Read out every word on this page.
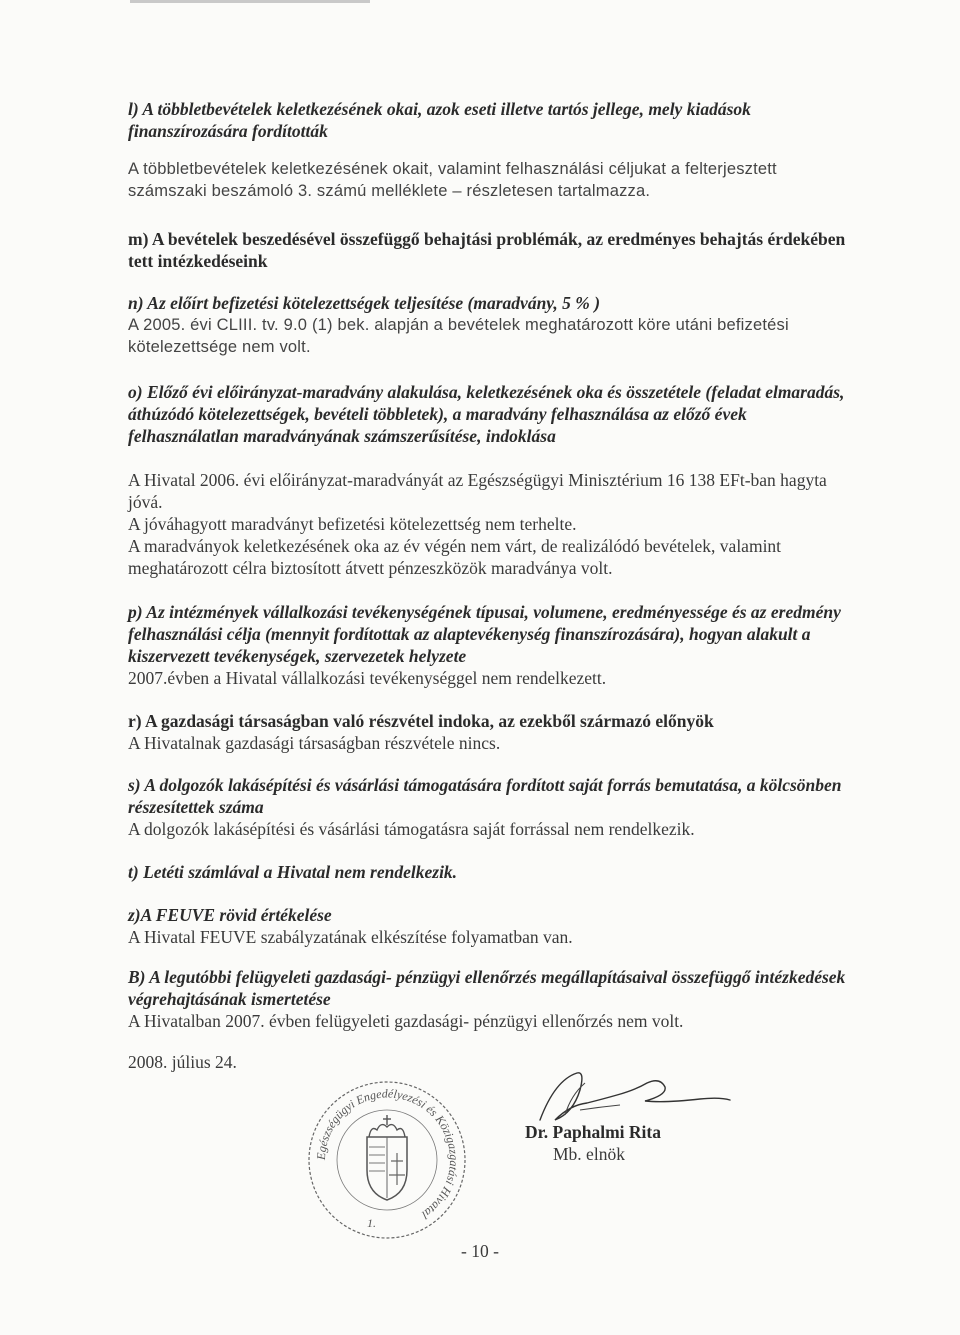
l) A többletbevételek keletkezésének okai, azok eseti illetve tartós jellege, mely kiadások finanszírozására fordították
A többletbevételek keletkezésének okait, valamint felhasználási céljukat a felterjesztett számszaki beszámoló 3. számú melléklete – részletesen tartalmazza.
m) A bevételek beszedésével összefüggő behajtási problémák, az eredményes behajtás érdekében tett intézkedéseink
n) Az előírt befizetési kötelezettségek teljesítése (maradvány, 5 % )
A 2005. évi CLIII. tv. 9.0 (1) bek. alapján a bevételek meghatározott köre utáni befizetési kötelezettsége nem volt.
o) Előző évi előirányzat-maradvány alakulása, keletkezésének oka és összetétele (feladat elmaradás, áthúzódó kötelezettségek, bevételi többletek), a maradvány felhasználása az előző évek felhasználatlan maradványának számszerűsítése, indoklása
A Hivatal 2006. évi előirányzat-maradványát az Egészségügyi Minisztérium 16 138 EFt-ban hagyta jóvá.
A jóváhagyott maradványt befizetési kötelezettség nem terhelte.
A maradványok keletkezésének oka az év végén nem várt, de realizálódó bevételek, valamint meghatározott célra biztosított átvett pénzeszközök maradványa volt.
p) Az intézmények vállalkozási tevékenységének típusai, volumene, eredményessége és az eredmény felhasználási célja (mennyit fordítottak az alaptevékenység finanszírozására), hogyan alakult a kiszervezett tevékenységek, szervezetek helyzete
2007.évben a Hivatal vállalkozási tevékenységgel nem rendelkezett.
r) A gazdasági társaságban való részvétel indoka, az ezekből származó előnyök
A Hivatalnak gazdasági társaságban részvétele nincs.
s) A dolgozók lakásépítési és vásárlási támogatására fordított saját forrás bemutatása, a kölcsönben részesítettek száma
A dolgozók lakásépítési és vásárlási támogatásra saját forrással nem rendelkezik.
t) Letéti számlával a Hivatal nem rendelkezik.
z)A FEUVE rövid értékelése
A Hivatal FEUVE szabályzatának elkészítése folyamatban van.
B) A legutóbbi felügyeleti gazdasági- pénzügyi ellenőrzés megállapításaival összefüggő intézkedések végrehajtásának ismertetése
A Hivatalban 2007. évben felügyeleti gazdasági- pénzügyi ellenőrzés nem volt.
2008. július 24.
Egészségügyi Engedélyezési és Közigazgatási Hivatal
1.
Dr. Paphalmi Rita
Mb. elnök
- 10 -
